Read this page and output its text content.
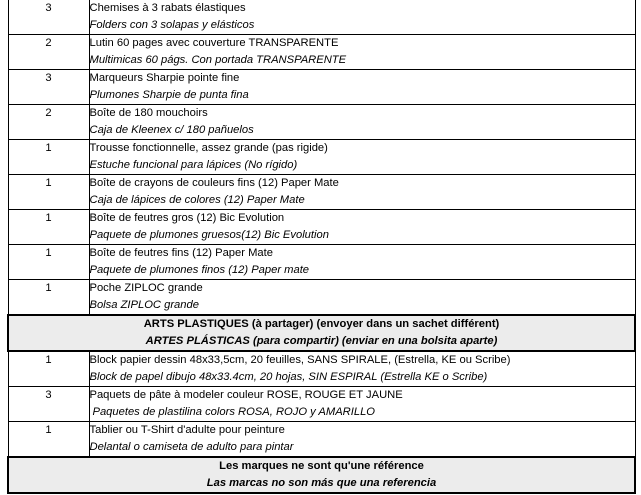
3	Chemises à 3 rabats élastiques
Folders con 3 solapas y elásticos

2	Lutin 60 pages avec couverture TRANSPARENTE
Multimicas 60 págs. Con portada TRANSPARENTE

3	Marqueurs Sharpie pointe fine
Plumones Sharpie de punta fina

2	Boîte de 180 mouchoirs
Caja de Kleenex c/ 180 pañuelos

1	Trousse fonctionnelle, assez grande (pas rigide)
Estuche funcional para lápices (No rígido)

1	Boîte de crayons de couleurs fins (12) Paper Mate
Caja de lápices de colores (12) Paper Mate

1	Boîte de feutres gros (12) Bic Evolution
Paquete de plumones gruesos(12) Bic Evolution

1	Boîte de feutres fins (12) Paper Mate
Paquete de plumones finos (12) Paper mate

1	Poche ZIPLOC grande
Bolsa ZIPLOC grande

ARTS PLASTIQUES (à partager) (envoyer dans un sachet différent)
ARTES PLÁSTICAS (para compartir) (enviar en una bolsita aparte)	

1	Block papier dessin 48x33,5cm, 20 feuilles, SANS SPIRALE, (Estrella, KE ou Scribe)
Block de papel dibujo 48x33.4cm, 20 hojas, SIN ESPIRAL (Estrella KE o Scribe)

3	Paquets de pâte à modeler couleur ROSE, ROUGE ET JAUNE
Paquetes de plastilina colors ROSA, ROJO y AMARILLO

1	Tablier ou T-Shirt d'adulte pour peinture
Delantal o camiseta de adulto para pintar

Les marques ne sont qu'une référence
Las marcas no son más que una referencia	
